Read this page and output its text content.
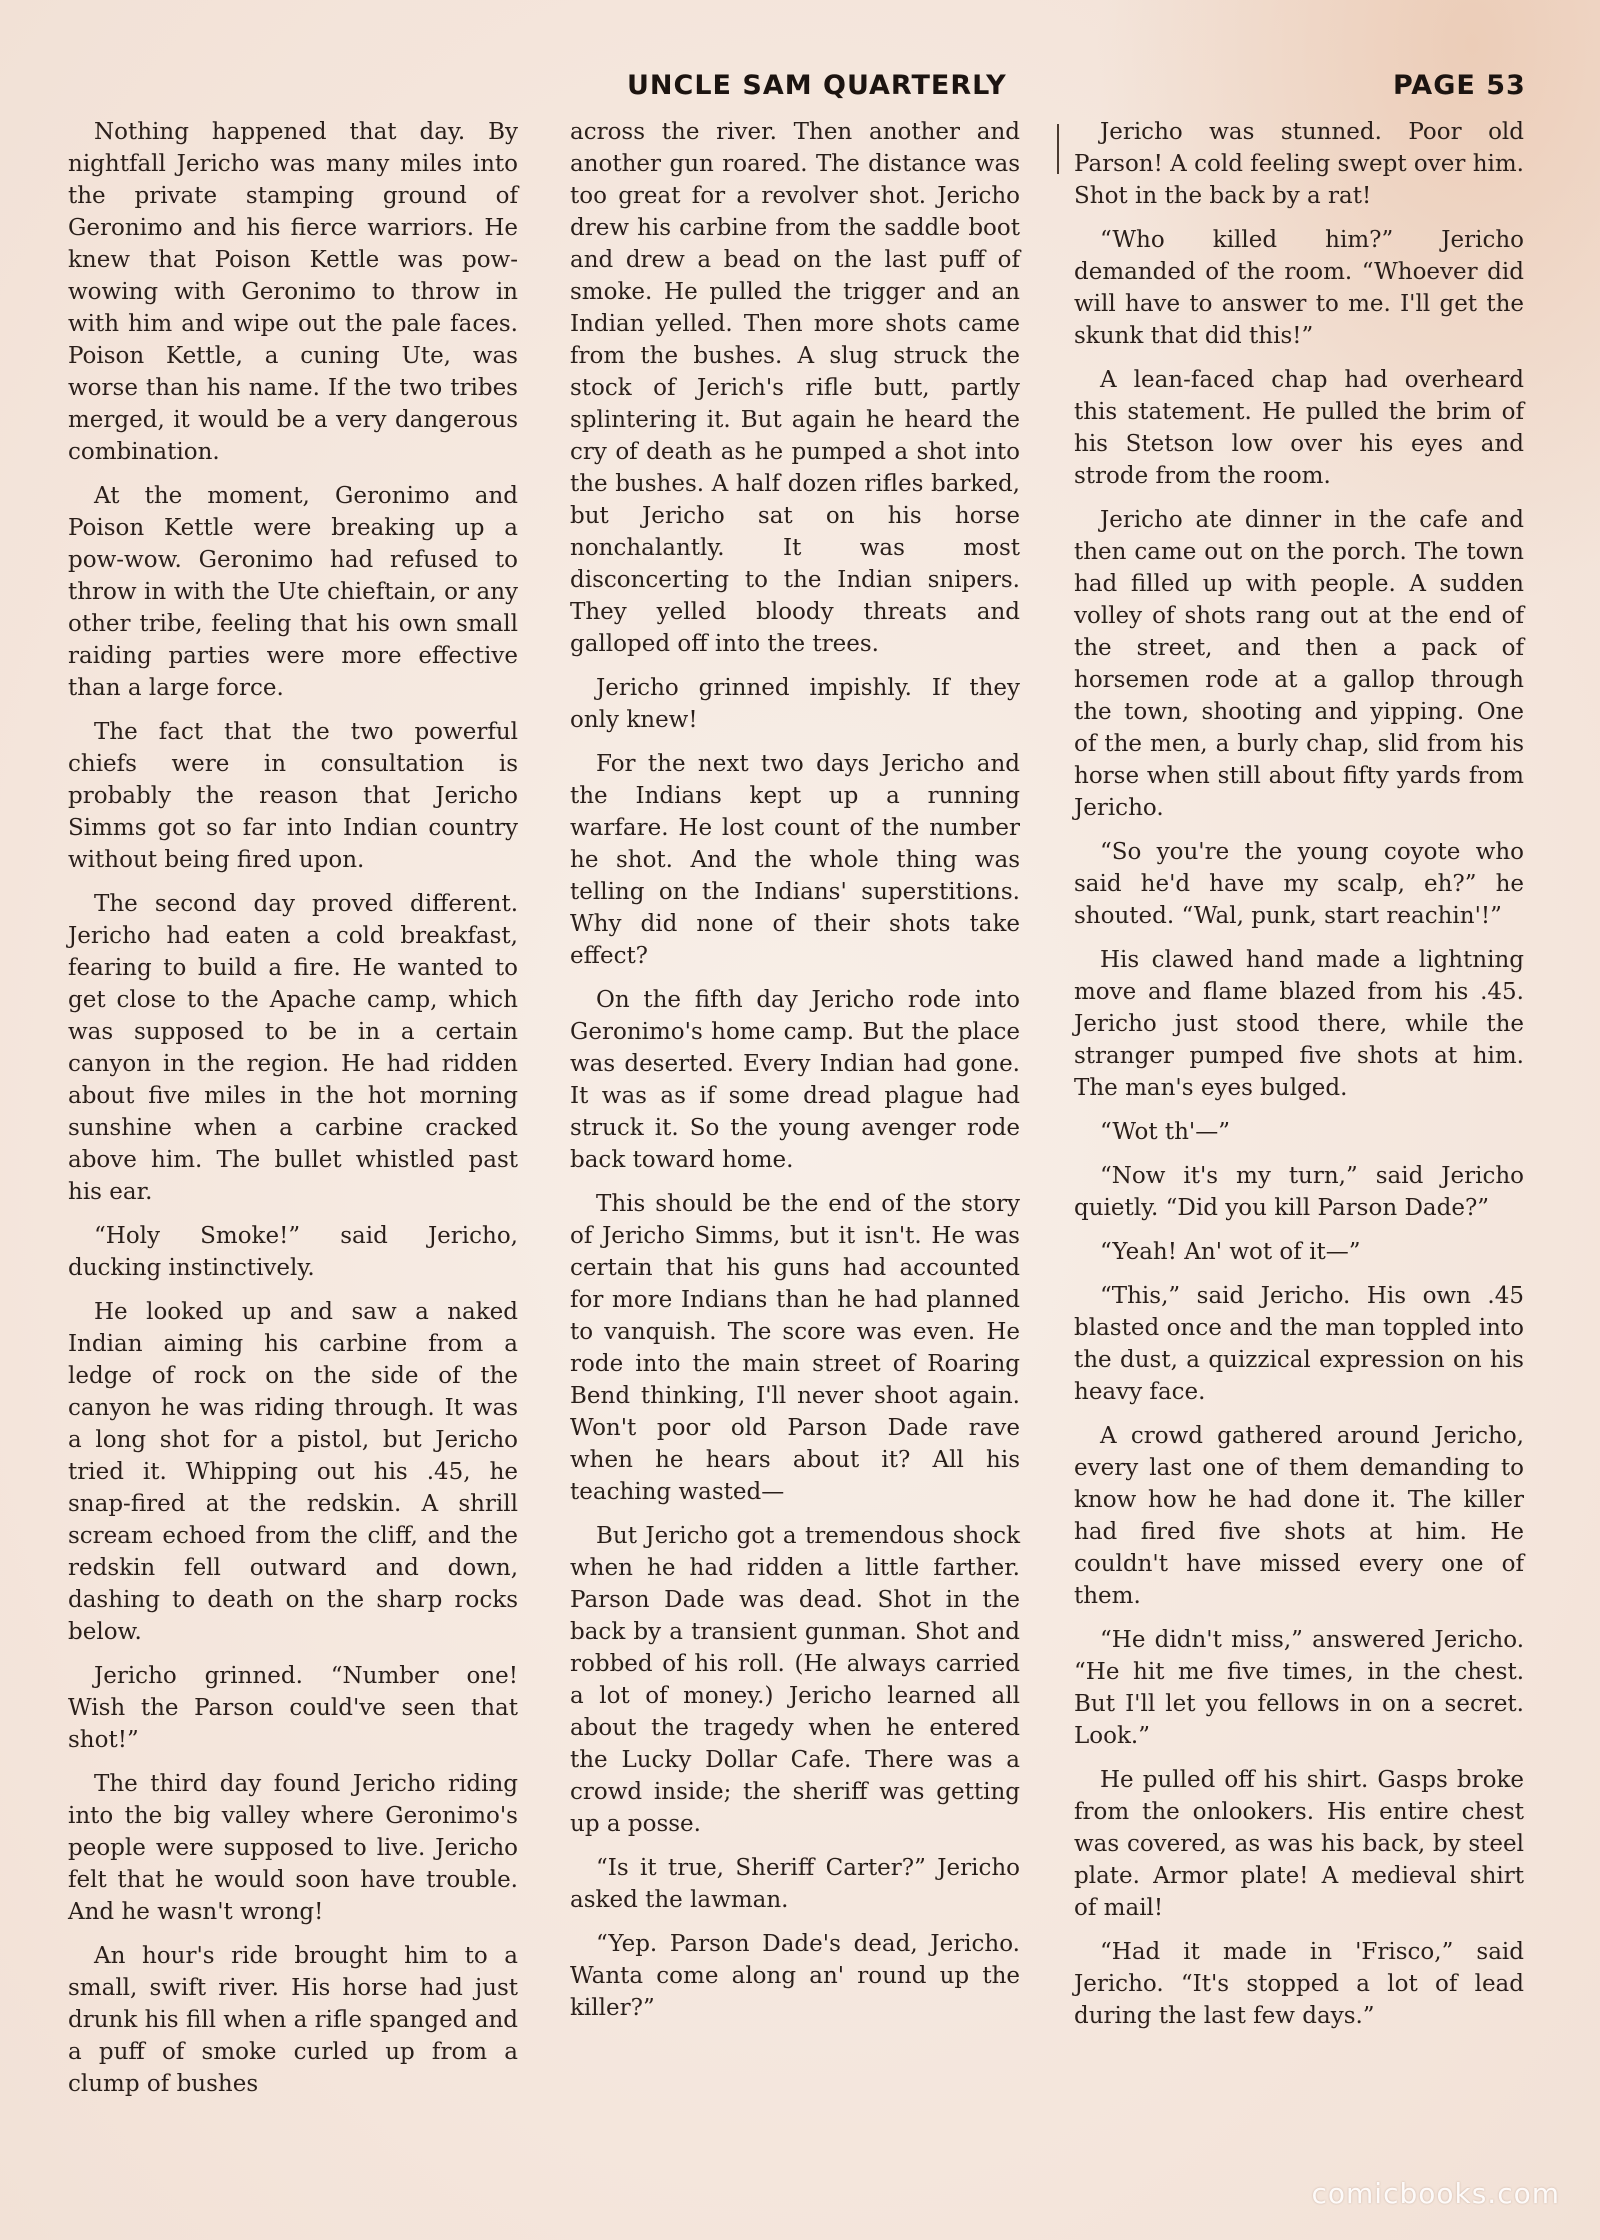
UNCLE SAM QUARTERLY	PAGE 53

Nothing happened that day. By nightfall Jericho was many miles into the private stamping ground of Geronimo and his fierce warriors. He knew that Poison Kettle was pow-wowing with Geronimo to throw in with him and wipe out the pale faces. Poison Kettle, a cuning Ute, was worse than his name. If the two tribes merged, it would be a very dangerous combination.

At the moment, Geronimo and Poison Kettle were breaking up a pow-wow. Geronimo had refused to throw in with the Ute chieftain, or any other tribe, feeling that his own small raiding parties were more effective than a large force.

The fact that the two powerful chiefs were in consultation is probably the reason that Jericho Simms got so far into Indian country without being fired upon.

The second day proved different. Jericho had eaten a cold breakfast, fearing to build a fire. He wanted to get close to the Apache camp, which was supposed to be in a certain canyon in the region. He had ridden about five miles in the hot morning sunshine when a carbine cracked above him. The bullet whistled past his ear.

“Holy Smoke!” said Jericho, ducking instinctively.

He looked up and saw a naked Indian aiming his carbine from a ledge of rock on the side of the canyon he was riding through. It was a long shot for a pistol, but Jericho tried it. Whipping out his .45, he snap-fired at the redskin. A shrill scream echoed from the cliff, and the redskin fell outward and down, dashing to death on the sharp rocks below.

Jericho grinned. “Number one! Wish the Parson could've seen that shot!”

The third day found Jericho riding into the big valley where Geronimo's people were supposed to live. Jericho felt that he would soon have trouble. And he wasn't wrong!

An hour's ride brought him to a small, swift river. His horse had just drunk his fill when a rifle spanged and a puff of smoke curled up from a clump of bushes

across the river. Then another and another gun roared. The distance was too great for a revolver shot. Jericho drew his carbine from the saddle boot and drew a bead on the last puff of smoke. He pulled the trigger and an Indian yelled. Then more shots came from the bushes. A slug struck the stock of Jerich's rifle butt, partly splintering it. But again he heard the cry of death as he pumped a shot into the bushes. A half dozen rifles barked, but Jericho sat on his horse nonchalantly. It was most disconcerting to the Indian snipers. They yelled bloody threats and galloped off into the trees.

Jericho grinned impishly. If they only knew!

For the next two days Jericho and the Indians kept up a running warfare. He lost count of the number he shot. And the whole thing was telling on the Indians' superstitions. Why did none of their shots take effect?

On the fifth day Jericho rode into Geronimo's home camp. But the place was deserted. Every Indian had gone. It was as if some dread plague had struck it. So the young avenger rode back toward home.

This should be the end of the story of Jericho Simms, but it isn't. He was certain that his guns had accounted for more Indians than he had planned to vanquish. The score was even. He rode into the main street of Roaring Bend thinking, I'll never shoot again. Won't poor old Parson Dade rave when he hears about it? All his teaching wasted—

But Jericho got a tremendous shock when he had ridden a little farther. Parson Dade was dead. Shot in the back by a transient gunman. Shot and robbed of his roll. (He always carried a lot of money.) Jericho learned all about the tragedy when he entered the Lucky Dollar Cafe. There was a crowd inside; the sheriff was getting up a posse.

“Is it true, Sheriff Carter?” Jericho asked the lawman.

“Yep. Parson Dade's dead, Jericho. Wanta come along an' round up the killer?”

Jericho was stunned. Poor old Parson! A cold feeling swept over him. Shot in the back by a rat!

“Who killed him?” Jericho demanded of the room. “Whoever did will have to answer to me. I'll get the skunk that did this!”

A lean-faced chap had overheard this statement. He pulled the brim of his Stetson low over his eyes and strode from the room.

Jericho ate dinner in the cafe and then came out on the porch. The town had filled up with people. A sudden volley of shots rang out at the end of the street, and then a pack of horsemen rode at a gallop through the town, shooting and yipping. One of the men, a burly chap, slid from his horse when still about fifty yards from Jericho.

“So you're the young coyote who said he'd have my scalp, eh?” he shouted. “Wal, punk, start reachin'!”

His clawed hand made a lightning move and flame blazed from his .45. Jericho just stood there, while the stranger pumped five shots at him. The man's eyes bulged.

“Wot th'—”

“Now it's my turn,” said Jericho quietly. “Did you kill Parson Dade?”

“Yeah! An' wot of it—”

“This,” said Jericho. His own .45 blasted once and the man toppled into the dust, a quizzical expression on his heavy face.

A crowd gathered around Jericho, every last one of them demanding to know how he had done it. The killer had fired five shots at him. He couldn't have missed every one of them.

“He didn't miss,” answered Jericho. “He hit me five times, in the chest. But I'll let you fellows in on a secret. Look.”

He pulled off his shirt. Gasps broke from the onlookers. His entire chest was covered, as was his back, by steel plate. Armor plate! A medieval shirt of mail!

“Had it made in 'Frisco,” said Jericho. “It's stopped a lot of lead during the last few days.”

comicbooks.com
